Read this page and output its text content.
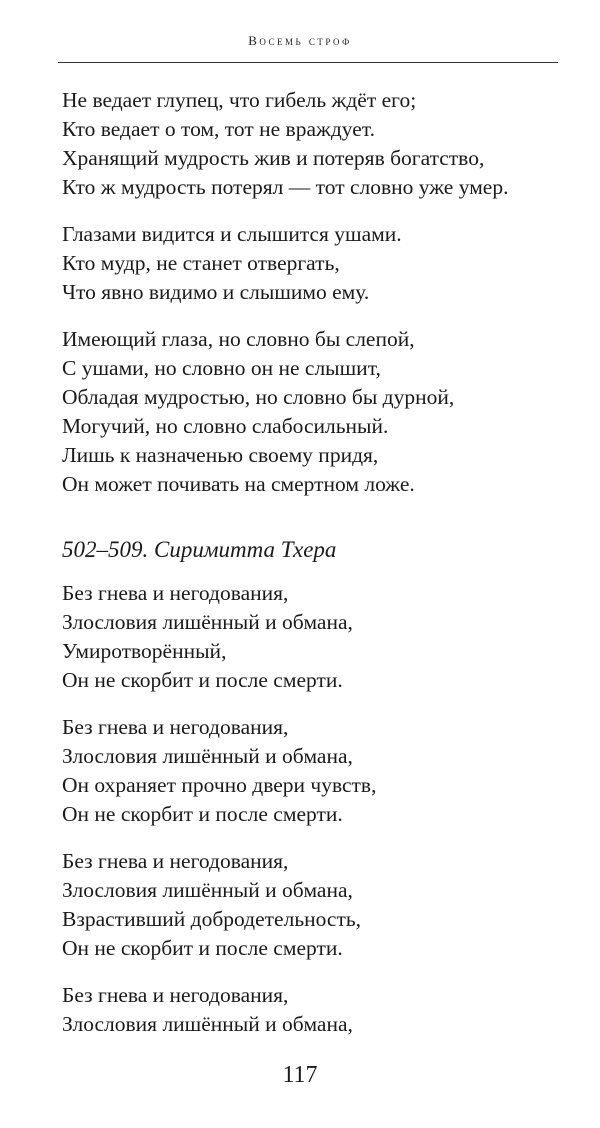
Восемь строф
Не ведает глупец, что гибель ждёт его;
Кто ведает о том, тот не враждует.
Хранящий мудрость жив и потеряв богатство,
Кто ж мудрость потерял — тот словно уже умер.
Глазами видится и слышится ушами.
Кто мудр, не станет отвергать,
Что явно видимо и слышимо ему.
Имеющий глаза, но словно бы слепой,
С ушами, но словно он не слышит,
Обладая мудростью, но словно бы дурной,
Могучий, но словно слабосильный.
Лишь к назначенью своему придя,
Он может почивать на смертном ложе.
502–509. Сиримитта Тхера
Без гнева и негодования,
Злословия лишённый и обмана,
Умиротворённый,
Он не скорбит и после смерти.
Без гнева и негодования,
Злословия лишённый и обмана,
Он охраняет прочно двери чувств,
Он не скорбит и после смерти.
Без гнева и негодования,
Злословия лишённый и обмана,
Взрастивший добродетельность,
Он не скорбит и после смерти.
Без гнева и негодования,
Злословия лишённый и обмана,
117
